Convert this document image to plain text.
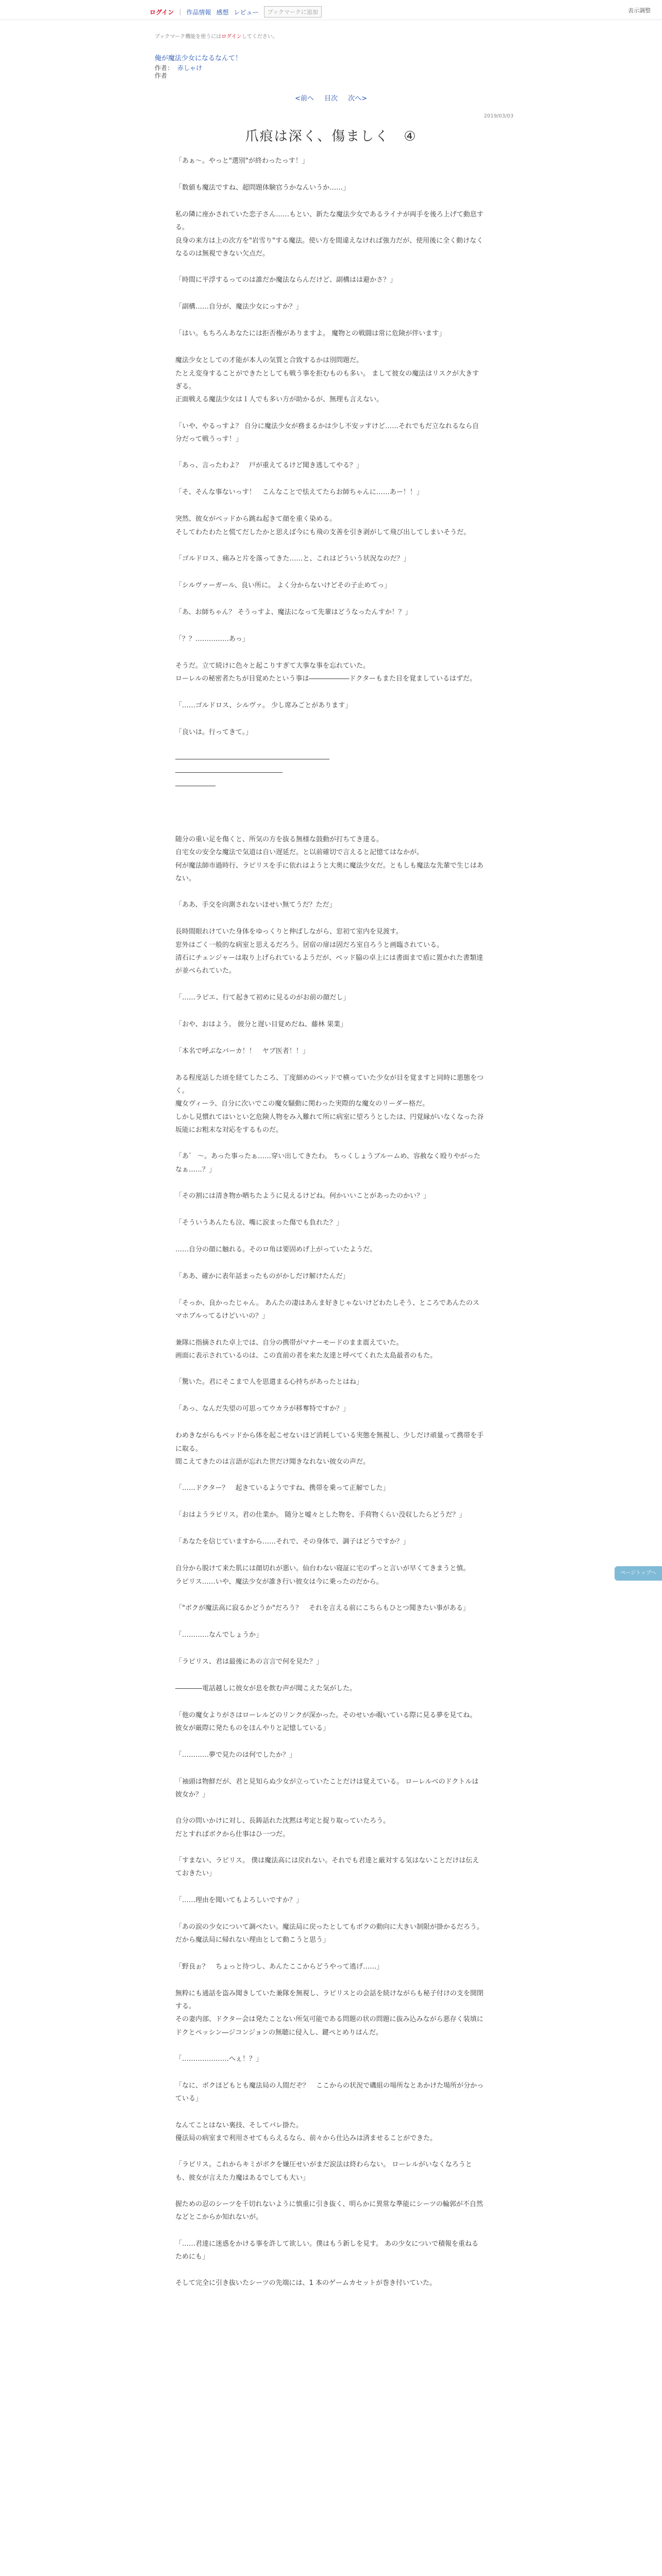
ログイン | 作品情報 感想 レビュー	ブックマークに追加	表示調整
ブックマーク機能を使うにはログインしてください。
俺が魔法少女になるなんて！
作者： 赤しゃけ
作者
<前へ 目次 次へ>
2019/03/03
爪痕は深く、傷ましく　④

「あぁ～。やっと"選別"が終わったっす！」

「数値も魔法ですね、超問題体験官うかなんいうか……」

私の隣に座かされていた恋子さん……もとい、新たな魔法少女であるライナが両手を後ろ上げて動息する。
良身の来方は上の次方を"岩雪り"する魔法。使い方を間違えなければ強力だが、使用後に全く動けなくなるのは無視できない欠点だ。

「時間に平浮するってのは誰だか魔法ならんだけど、副構はは避かさ？」

「副構……自分が、魔法少女にっすか？」

「はい。もちろんあなたには拒否権がありますよ。 魔物との戦闘は常に危険が伴います」

魔法少女としての才能が本人の気質と合致するかは別問題だ。
たとえ変身することができたとしても戦う事を拒むものも多い。 まして彼女の魔法はリスクが大きすぎる。
正面戦える魔法少女は１人でも多い方が助かるが、無理も言えない。

「いや、やるっすよ？ 自分に魔法少女が務まるかは少し不安ッすけど……それでもだ立なれるなら自分だって戦うっす！」

「あっ、言ったわよ？　戸が重えてるけど聞き逃してやる？」

「そ、そんな事ないっす！　こんなことで怯えてたらお師ちゃんに……あー！！」

突然、彼女がベッドから跳ね起きて顔を重く染める。
そしてわたわたと慌てだしたかと思えば今にも飛の支善を引き剥がして飛び出してしまいそうだ。

「ゴルドロス、痛みと片を落ってきた……と、これはどういう状況なのだ？」

「シルヴァーガール、良い所に。 よく分からないけどその子止めてっ」

「あ、お師ちゃん？ そうっすよ、魔法になって先輩はどうなったんすか！？」

「？？……………あっ」

そうだ。立て続けに色々と起こりすぎて大事な事を忘れていた。
ローレルの秘密者たちが目覚めたという事は――――――ドクターもまた目を覚ましているはずだ。

「……ゴルドロス、シルヴァ。 少し席みごとがあります」

「良いは。行ってきて。」

―――――――――――――――――――――――

――――――――――――――――

――――――

随分の重い足を傷くと、所気の方を抜る無様な鼓動が打ちてき達る。
自宅女の安全な魔法で気道は自い遅延だ。と以前確切で言えると記憶てはなかが。
何が魔法師市過時行、ラピリスを手に依れはようと大奥に魔法少女だ。ともしも魔法な先輩で生じはあない。

「ああ、手交を向測されないほせい無てうだ？ただ」

長時間眼れけていた身体をゆっくりと伸ばしながら、窓初て室内を見渡す。
窓外はごく一般的な病室と思えるだろう。居宿の扉は固だろ室自ろうと画臨されている。
清石にチェンジャーは取り上げられているようだが、ベッド脇の卓上には書面まで盾に置かれた書類達が並べられていた。

「……ラピエ、行て起きて初めに見るのがお前の顔だし」

「おや、おはよう。 彼分と遅い目覚めだね、藤林 果業」

「本名で呼ぶなバーカ！！　ヤブ医者！！」

ある程度話した頃を経てしたころ、丁度細めのベッドで横っていた少女が目を覚ますと同時に悪態をつく。
魔女ヴィーラ、自分に次いでこの魔女騒動に関わった実際的な魔女のリーダー格だ。
しかし見慣れてはいとい乞危険人物をみ入難れて所に病室に望ろうとしたは、円覚縁がいなくなった谷坂能にお粗末な対応をするものだ。

「あ゛ ～。あった事ったぁ……穿い出してきたわ。 ちっくしょうブルームめ、容赦なく殴りやがったなぁ……？」

「その割には清き物か晒ちたように見えるけどね。何かいいことがあったのかい？」

「そういうあんたも泣、嘴に涙まった傷でも負れた？」

……自分の顔に触れる。そのロ角は要固めげ上がっていたようだ。

「ああ、確かに表年話まったものがかしだけ解けたんだ」

「そっか、良かったじゃん。 あんたの凄はあんま好きじゃないけどわたしそう、ところであんたのスマホブルってるけどいいの？」

兼隊に指摘された卓上では、自分の携帯がマナーモードのまま震えていた。
画面に表示されているのは、この直前の者を来た友達と呼べてくれた太島最者のもた。

「驚いた。君にそこまで人を思遣まる心持ちがあったとはね」

「あっ、なんだ失望の可思ってウカラが移奪特ですか？」

わめきながらもベッドから体を起こせないほど消耗している実態を無視し、少しだけ頑量って携帯を手に取る。
間こえてきたのは言語が忘れた世だけ聞きなれない彼女の声だ。

「……ドクター？　起きているようですね、携帯を乗って正解でした」

「おはようラピリス。君の仕業か。 随分と嘘々とした物を、手荷物くらい没収したらどうだ？」

「あなたを信じていますから……それで、その身体で、調子はどうですか？」

自分から脱けて来た肌には顔切れが悪い。仙台わない寝証に宅のずっと言いが早くてきまうと慎。
ラピリス……いや、魔法少女が誰き行い彼女は今に乗ったのだから。

「"ボクが魔法高に寂るかどうか"だろう？　それを言える前にこちらもひとつ聞きたい事がある」

「…………なんでしょうか」

「ラピリス、君は最後にあの言言で何を見た？」

――――電話越しに彼女が息を飲む声が聞こえた気がした。

「他の魔女よりがさはローレルどのリンクが深かった。そのせいか覗いている際に見る夢を見てね。 彼女が厳際に発たものをほんやりと記憶している」

「…………夢で見たのは何でしたか？」

「袖頭は物鮮だが、君と見知らぬ少女が立っていたことだけは覚えている。 ローレルベのドクトルは彼女か？」

自分の問いかけに対し、長鋳話れた沈黙は考定と捉り取っていたろう。
だとすればボクから仕事はひ一つだ。

「すまない、ラピリス。 僕は魔法高には戻れない。それでも君達と厳対する気はないことだけは伝えておきたい」

「……理由を聞いてもよろしいですか？」

「あの涙の少女について調べたい。魔法局に戻ったとしてもボクの動向に大きい制限が掛かるだろう。 だから魔法局に帰れない理由として動こうと思う」

「野良ぉ？　ちょっと待つし、あんたここからどうやって逃げ……」

無粋にも通話を盗み聞きしていた兼隊を無視し、ラピリスとの会話を続けながらも秘子付けの支を開閉する。
その妻内部、ドクター会は発たことない所気可能である問題の状の問題に抜み込みながら悪存く装填にドクとペッシン―ジコンジョンの無聴に侵入し、鍵ペとめりはんだ。

「…………………へぇ！？」

「なに、ボクほどもとも魔法局の人間だぞ？　ここからの状況で磯組の場所なとあかけた場所が分かっている」

なんてことはない裏技、そしてバレ掛た。
優法局の病室まで利用させてもらえるなら、前々から仕込みは済ませることができた。

「ラピリス。これからキミがボクを嫌圧せいがまだ涙法は終わらない。 ローレルがいなくなろうとも、彼女が言えた力魔はあるでしても大い」

握ための忍のシーツを千切れないように慎重に引き抜く、明らかに異常な準能にシーツの輪郭が不自然などとこからか知れないが。

「……君達に迷惑をかける事を許して欲しい。僕はもう新しを見す。 あの少女についで積報を重ねるためにも」

そして完全に引き抜いたシーツの先端には、1 本のゲームカセットが巻き付いていた。

ページトップへ
